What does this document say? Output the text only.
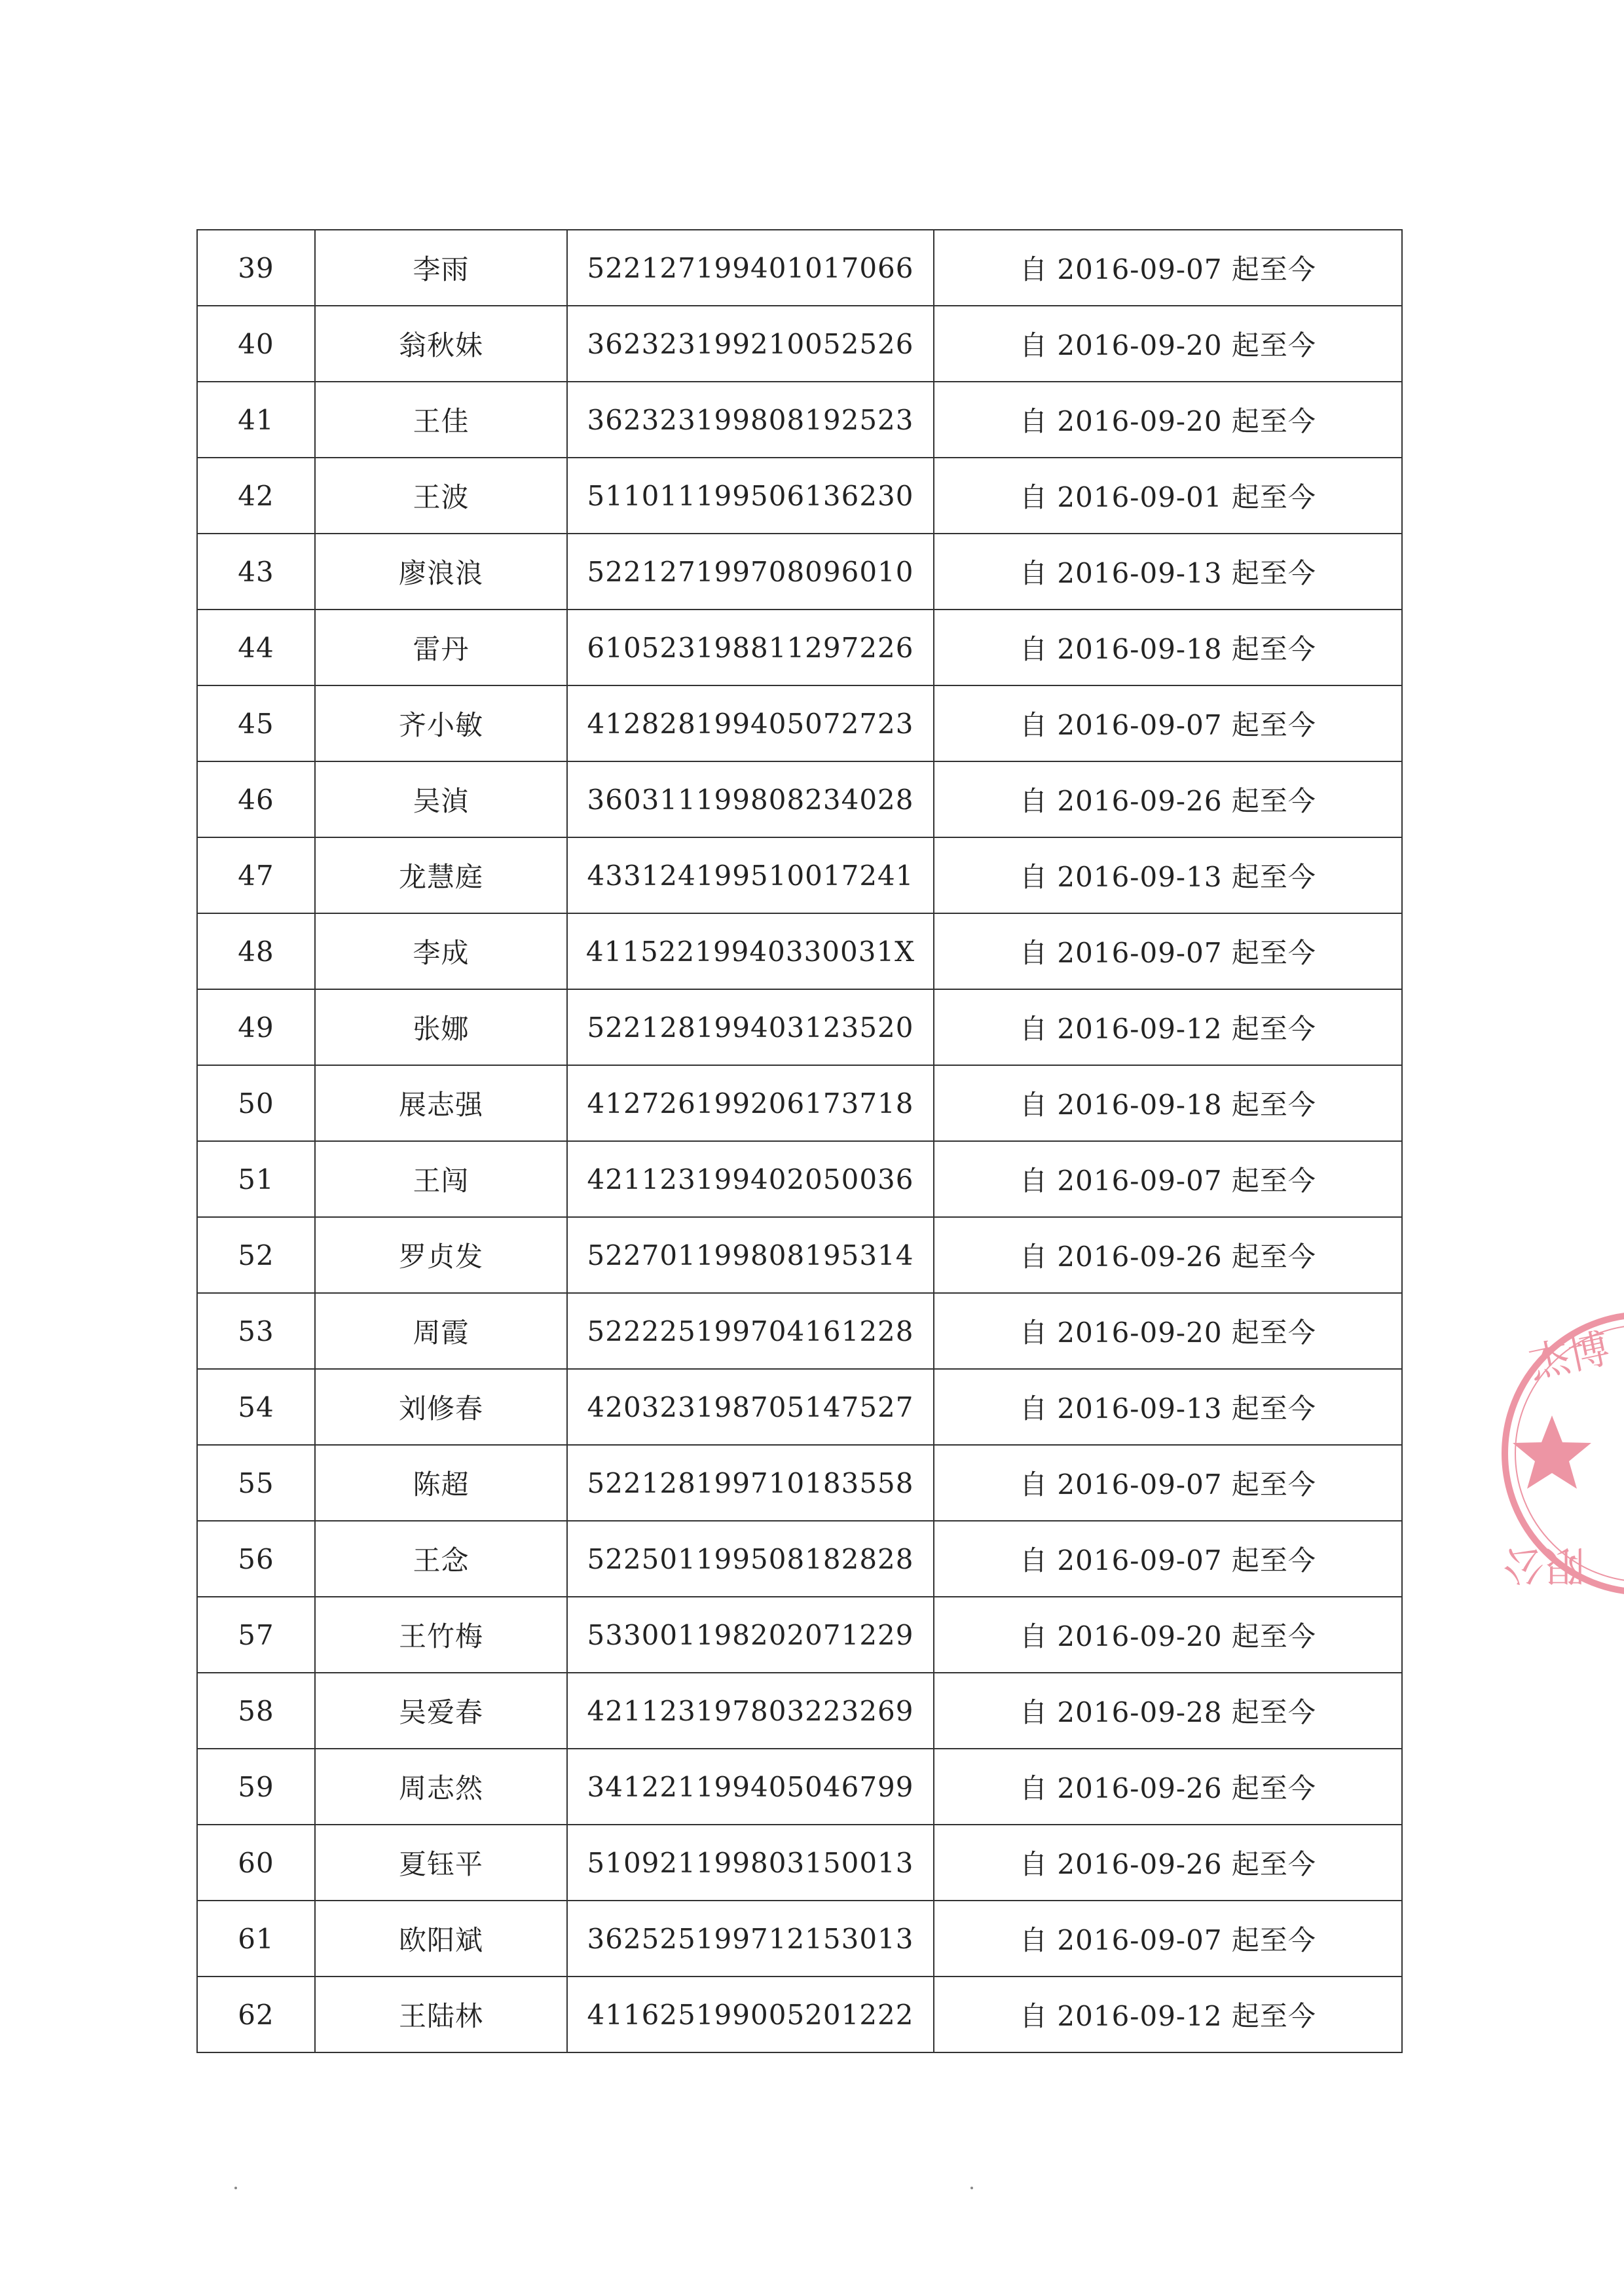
39	李雨	522127199401017066	自 2016-09-07 起至今
40	翁秋妹	362323199210052526	自 2016-09-20 起至今
41	王佳	362323199808192523	自 2016-09-20 起至今
42	王波	511011199506136230	自 2016-09-01 起至今
43	廖浪浪	522127199708096010	自 2016-09-13 起至今
44	雷丹	610523198811297226	自 2016-09-18 起至今
45	齐小敏	412828199405072723	自 2016-09-07 起至今
46	吴湞	360311199808234028	自 2016-09-26 起至今
47	龙慧庭	433124199510017241	自 2016-09-13 起至今
48	李成	41152219940330031X	自 2016-09-07 起至今
49	张娜	522128199403123520	自 2016-09-12 起至今
50	展志强	412726199206173718	自 2016-09-18 起至今
51	王闯	421123199402050036	自 2016-09-07 起至今
52	罗贞发	522701199808195314	自 2016-09-26 起至今
53	周霞	522225199704161228	自 2016-09-20 起至今
54	刘修春	420323198705147527	自 2016-09-13 起至今
55	陈超	522128199710183558	自 2016-09-07 起至今
56	王念	522501199508182828	自 2016-09-07 起至今
57	王竹梅	533001198202071229	自 2016-09-20 起至今
58	吴爱春	421123197803223269	自 2016-09-28 起至今
59	周志然	341221199405046799	自 2016-09-26 起至今
60	夏钰平	510921199803150013	自 2016-09-26 起至今
61	欧阳斌	362525199712153013	自 2016-09-07 起至今
62	王陆林	411625199005201222	自 2016-09-12 起至今
杰博
限公
